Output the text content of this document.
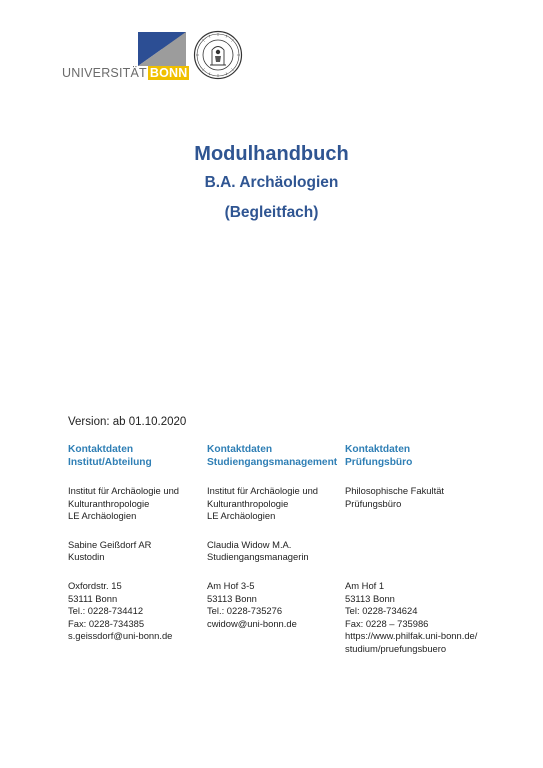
UNIVERSITÄT BONN
Modulhandbuch
B.A. Archäologien
(Begleitfach)
Version: ab 01.10.2020
Kontaktdaten
Institut/Abteilung
Institut für Archäologie und
Kulturanthropologie
LE Archäologien
Sabine Geißdorf AR
Kustodin
Oxfordstr. 15
53111 Bonn
Tel.: 0228-734412
Fax: 0228-734385
s.geissdorf@uni-bonn.de
Kontaktdaten
Studiengangsmanagement
Institut für Archäologie und
Kulturanthropologie
LE Archäologien
Claudia Widow M.A.
Studiengangsmanagerin
Am Hof 3-5
53113 Bonn
Tel.: 0228-735276
cwidow@uni-bonn.de
Kontaktdaten
Prüfungsbüro
Philosophische Fakultät
Prüfungsbüro
Am Hof 1
53113 Bonn
Tel: 0228-734624
Fax: 0228 – 735986
https://www.philfak.uni-bonn.de/
studium/pruefungsbuero
